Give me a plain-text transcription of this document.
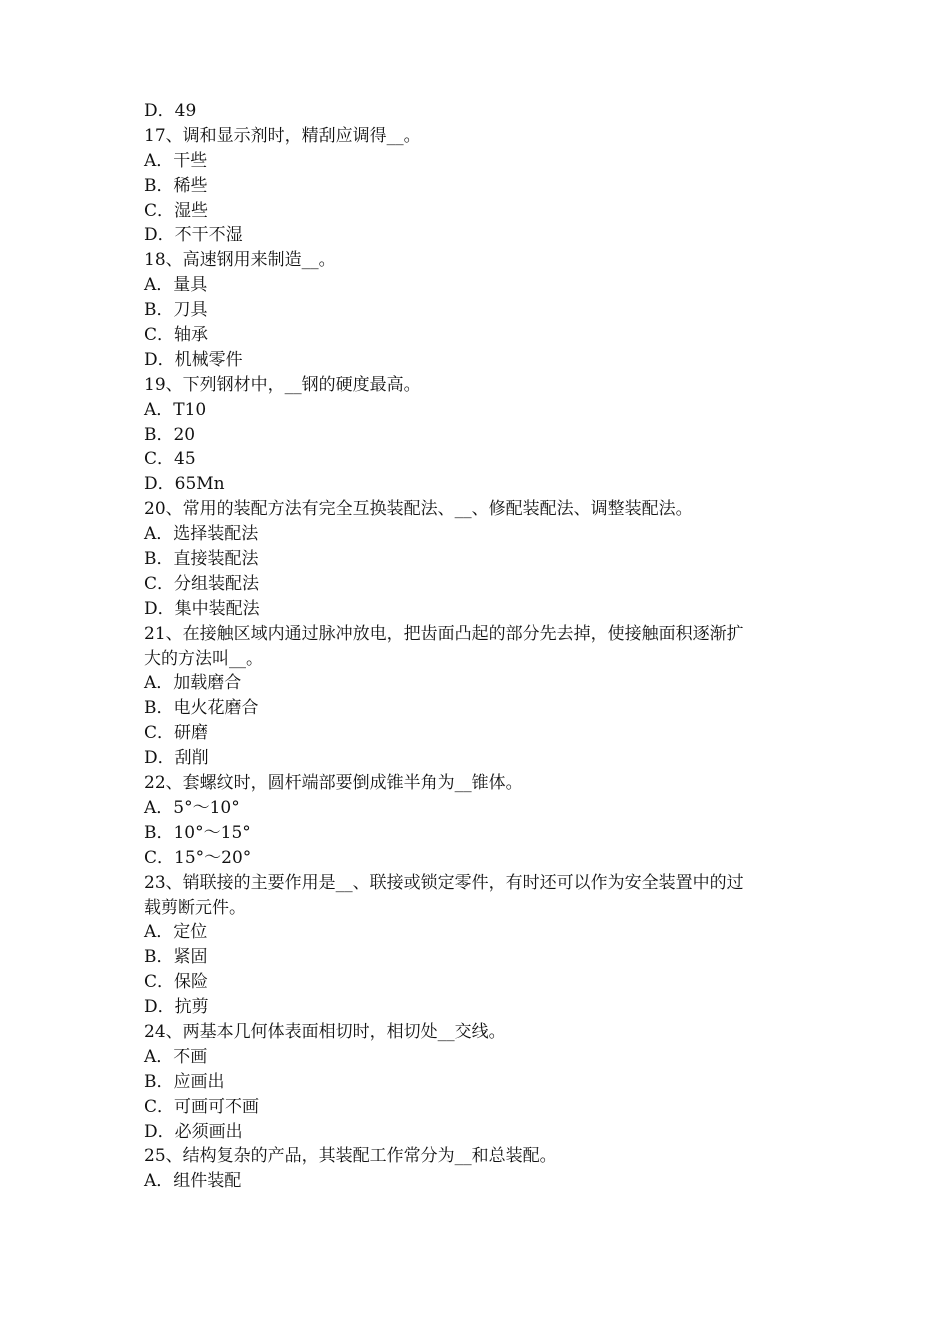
D．49
17、调和显示剂时，精刮应调得__。
A．干些
B．稀些
C．湿些
D．不干不湿
18、高速钢用来制造__。
A．量具
B．刀具
C．轴承
D．机械零件
19、下列钢材中，__钢的硬度最高。
A．T10
B．20
C．45
D．65Mn
20、常用的装配方法有完全互换装配法、__、修配装配法、调整装配法。
A．选择装配法
B．直接装配法
C．分组装配法
D．集中装配法
21、在接触区域内通过脉冲放电，把齿面凸起的部分先去掉，使接触面积逐渐扩
大的方法叫__。
A．加载磨合
B．电火花磨合
C．研磨
D．刮削
22、套螺纹时，圆杆端部要倒成锥半角为__锥体。
A．5°～10°
B．10°～15°
C．15°～20°
23、销联接的主要作用是__、联接或锁定零件，有时还可以作为安全装置中的过
载剪断元件。
A．定位
B．紧固
C．保险
D．抗剪
24、两基本几何体表面相切时，相切处__交线。
A．不画
B．应画出
C．可画可不画
D．必须画出
25、结构复杂的产品，其装配工作常分为__和总装配。
A．组件装配
